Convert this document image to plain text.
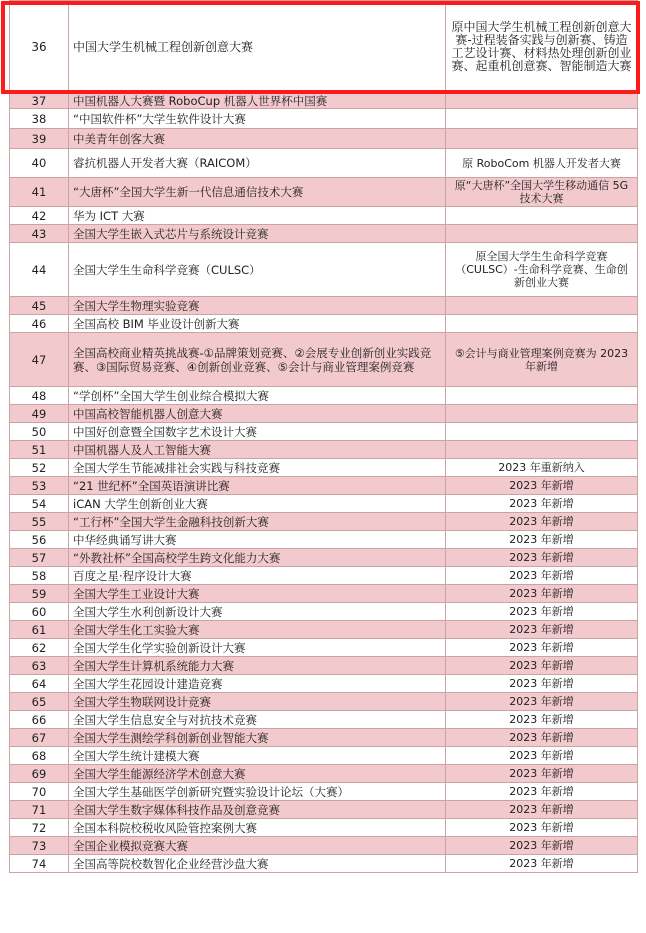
36	中国大学生机械工程创新创意大赛	原中国大学生机械工程创新创意大赛-过程装备实践与创新赛、铸造工艺设计赛、材料热处理创新创业赛、起重机创意赛、智能制造大赛
37	中国机器人大赛暨 RoboCup 机器人世界杯中国赛	
38	“中国软件杯”大学生软件设计大赛	
39	中美青年创客大赛	
40	睿抗机器人开发者大赛（RAICOM）	原 RoboCom 机器人开发者大赛
41	“大唐杯”全国大学生新一代信息通信技术大赛	原“大唐杯”全国大学生移动通信 5G 技术大赛
42	华为 ICT 大赛	
43	全国大学生嵌入式芯片与系统设计竞赛	
44	全国大学生生命科学竞赛（CULSC）	原全国大学生生命科学竞赛（CULSC）-生命科学竞赛、生命创新创业大赛
45	全国大学生物理实验竞赛	
46	全国高校 BIM 毕业设计创新大赛	
47	全国高校商业精英挑战赛-①品牌策划竞赛、②会展专业创新创业实践竞赛、③国际贸易竞赛、④创新创业竞赛、⑤会计与商业管理案例竞赛	⑤会计与商业管理案例竞赛为 2023 年新增
48	“学创杯”全国大学生创业综合模拟大赛	
49	中国高校智能机器人创意大赛	
50	中国好创意暨全国数字艺术设计大赛	
51	中国机器人及人工智能大赛	
52	全国大学生节能减排社会实践与科技竞赛	2023 年重新纳入
53	“21 世纪杯”全国英语演讲比赛	2023 年新增
54	iCAN 大学生创新创业大赛	2023 年新增
55	“工行杯”全国大学生金融科技创新大赛	2023 年新增
56	中华经典诵写讲大赛	2023 年新增
57	“外教社杯”全国高校学生跨文化能力大赛	2023 年新增
58	百度之星·程序设计大赛	2023 年新增
59	全国大学生工业设计大赛	2023 年新增
60	全国大学生水利创新设计大赛	2023 年新增
61	全国大学生化工实验大赛	2023 年新增
62	全国大学生化学实验创新设计大赛	2023 年新增
63	全国大学生计算机系统能力大赛	2023 年新增
64	全国大学生花园设计建造竞赛	2023 年新增
65	全国大学生物联网设计竞赛	2023 年新增
66	全国大学生信息安全与对抗技术竞赛	2023 年新增
67	全国大学生测绘学科创新创业智能大赛	2023 年新增
68	全国大学生统计建模大赛	2023 年新增
69	全国大学生能源经济学术创意大赛	2023 年新增
70	全国大学生基础医学创新研究暨实验设计论坛（大赛）	2023 年新增
71	全国大学生数字媒体科技作品及创意竞赛	2023 年新增
72	全国本科院校税收风险管控案例大赛	2023 年新增
73	全国企业模拟竞赛大赛	2023 年新增
74	全国高等院校数智化企业经营沙盘大赛	2023 年新增
